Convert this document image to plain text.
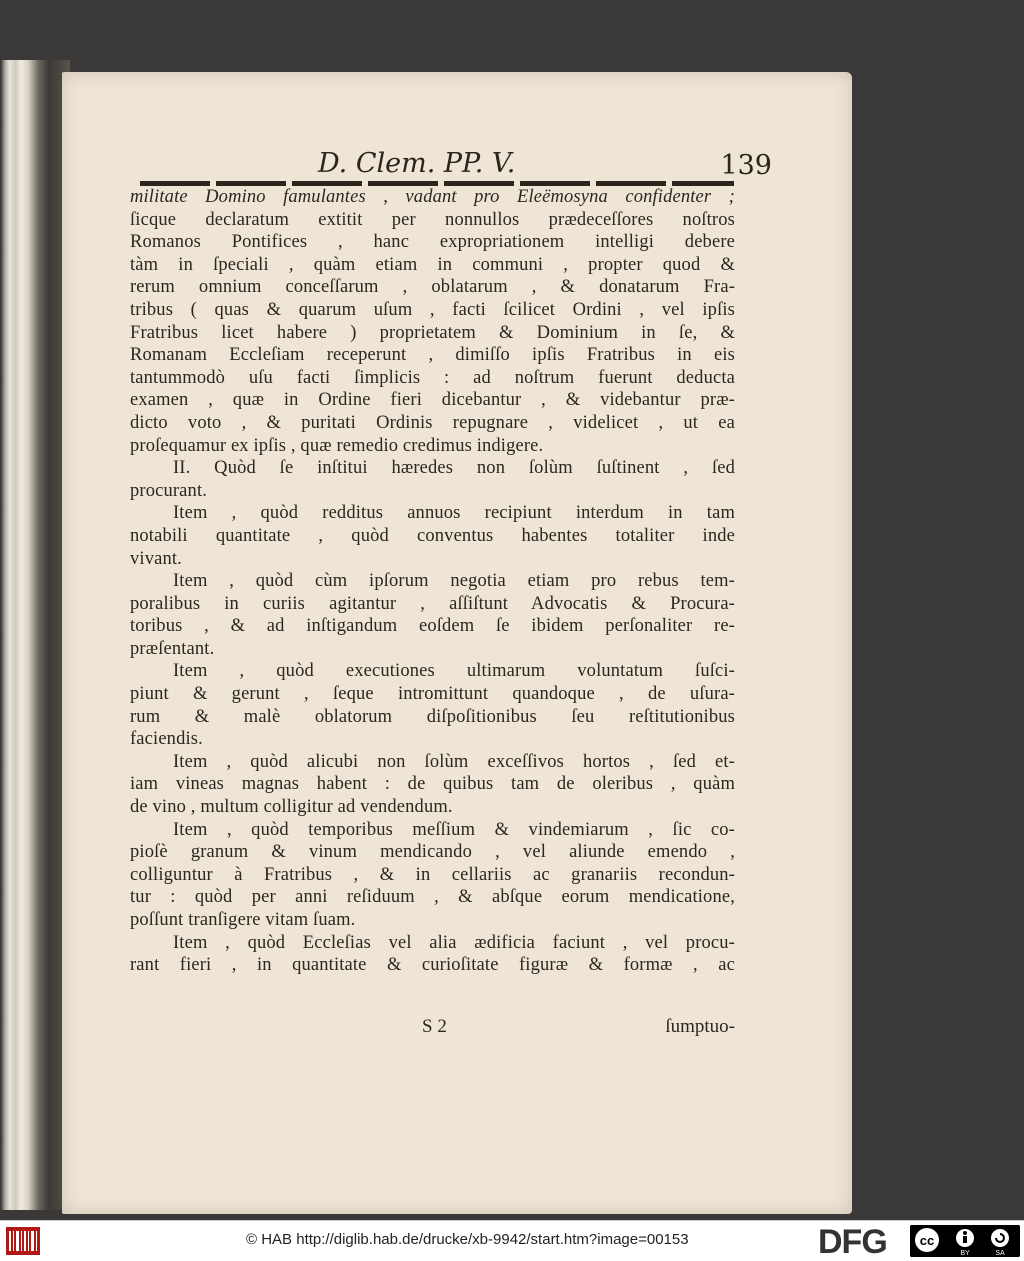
D. Clem. PP. V.	139
militate Domino famulantes , vadant pro Eleëmosyna confidenter ;
ſicque declaratum extitit per nonnullos prædeceſſores noſtros
Romanos Pontifices , hanc expropriationem intelligi debere
tàm in ſpeciali , quàm etiam in communi , propter quod &
rerum omnium conceſſarum , oblatarum , & donatarum Fra-
tribus ( quas & quarum uſum , facti ſcilicet Ordini , vel ipſis
Fratribus licet habere ) proprietatem & Dominium in ſe, &
Romanam Eccleſiam receperunt , dimiſſo ipſis Fratribus in eis
tantummodò uſu facti ſimplicis : ad noſtrum fuerunt deducta
examen , quæ in Ordine fieri dicebantur , & videbantur præ-
dicto voto , & puritati Ordinis repugnare , videlicet , ut ea
proſequamur ex ipſis , quæ remedio credimus indigere.
II. Quòd ſe inſtitui hæredes non ſolùm ſuſtinent , ſed
procurant.
Item , quòd redditus annuos recipiunt interdum in tam
notabili quantitate , quòd conventus habentes totaliter inde
vivant.
Item , quòd cùm ipſorum negotia etiam pro rebus tem-
poralibus in curiis agitantur , aſſiſtunt Advocatis & Procura-
toribus , & ad inſtigandum eoſdem ſe ibidem perſonaliter re-
præſentant.
Item , quòd executiones ultimarum voluntatum ſuſci-
piunt & gerunt , ſeque intromittunt quandoque , de uſura-
rum & malè oblatorum diſpoſitionibus ſeu reſtitutionibus
faciendis.
Item , quòd alicubi non ſolùm exceſſivos hortos , ſed et-
iam vineas magnas habent : de quibus tam de oleribus , quàm
de vino , multum colligitur ad vendendum.
Item , quòd temporibus meſſium & vindemiarum , ſic co-
pioſè granum & vinum mendicando , vel aliunde emendo ,
colliguntur à Fratribus , & in cellariis ac granariis recondun-
tur : quòd per anni reſiduum , & abſque eorum mendicatione,
poſſunt tranſigere vitam ſuam.
Item , quòd Eccleſias vel alia ædificia faciunt , vel procu-
rant fieri , in quantitate & curioſitate figuræ & formæ , ac
S 2	ſumptuo-
© HAB http://diglib.hab.de/drucke/xb-9942/start.htm?image=00153	DFG	cc
BY	SA
